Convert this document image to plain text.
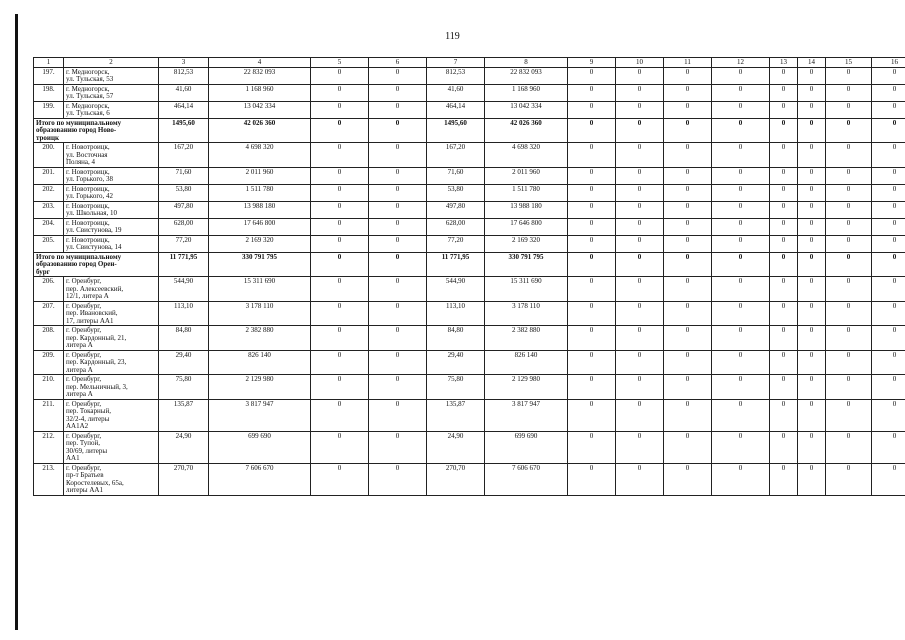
119
1	2	3	4	5	6	7	8	9	10	11	12	13	14	15	16
197.	г. Медногорск,
ул. Тульская, 53	812,53	22 832 093	0	0	812,53	22 832 093	0	0	0	0	0	0	0	0
198.	г. Медногорск,
ул. Тульская, 57	41,60	1 168 960	0	0	41,60	1 168 960	0	0	0	0	0	0	0	0
199.	г. Медногорск,
ул. Тульская, 6	464,14	13 042 334	0	0	464,14	13 042 334	0	0	0	0	0	0	0	0
Итого по муниципальному
образованию город Ново-
троицк		1495,60	42 026 360	0	0	1495,60	42 026 360	0	0	0	0	0	0	0	0
200.	г. Новотроицк,
ул. Восточная
Поляна, 4	167,20	4 698 320	0	0	167,20	4 698 320	0	0	0	0	0	0	0	0
201.	г. Новотроицк,
ул. Горького, 38	71,60	2 011 960	0	0	71,60	2 011 960	0	0	0	0	0	0	0	0
202.	г. Новотроицк,
ул. Горького, 42	53,80	1 511 780	0	0	53,80	1 511 780	0	0	0	0	0	0	0	0
203.	г. Новотроицк,
ул. Школьная, 10	497,80	13 988 180	0	0	497,80	13 988 180	0	0	0	0	0	0	0	0
204.	г. Новотроицк,
ул. Свистунова, 19	628,00	17 646 800	0	0	628,00	17 646 800	0	0	0	0	0	0	0	0
205.	г. Новотроицк,
ул. Свистунова, 14	77,20	2 169 320	0	0	77,20	2 169 320	0	0	0	0	0	0	0	0
Итого по муниципальному
образованию город Орен-
бург		11 771,95	330 791 795	0	0	11 771,95	330 791 795	0	0	0	0	0	0	0	0
206.	г. Оренбург,
пер. Алексеевский,
12/1, литера А	544,90	15 311 690	0	0	544,90	15 311 690	0	0	0	0	0	0	0	0
207.	г. Оренбург,
пер. Ивановский,
17, литеры АА1	113,10	3 178 110	0	0	113,10	3 178 110	0	0	0	0	0	0	0	0
208.	г. Оренбург,
пер. Кардонный, 21,
литера А	84,80	2 382 880	0	0	84,80	2 382 880	0	0	0	0	0	0	0	0
209.	г. Оренбург,
пер. Кардонный, 23,
литера А	29,40	826 140	0	0	29,40	826 140	0	0	0	0	0	0	0	0
210.	г. Оренбург,
пер. Мельничный, 3,
литера А	75,80	2 129 980	0	0	75,80	2 129 980	0	0	0	0	0	0	0	0
211.	г. Оренбург,
пер. Токарный,
32/2-4, литеры
АА1А2	135,87	3 817 947	0	0	135,87	3 817 947	0	0	0	0	0	0	0	0
212.	г. Оренбург,
пер. Тупой,
30/69, литеры
АА1	24,90	699 690	0	0	24,90	699 690	0	0	0	0	0	0	0	0
213.	г. Оренбург,
пр-т Братьев
Коростелевых, 65а,
литеры АА1	270,70	7 606 670	0	0	270,70	7 606 670	0	0	0	0	0	0	0	0
